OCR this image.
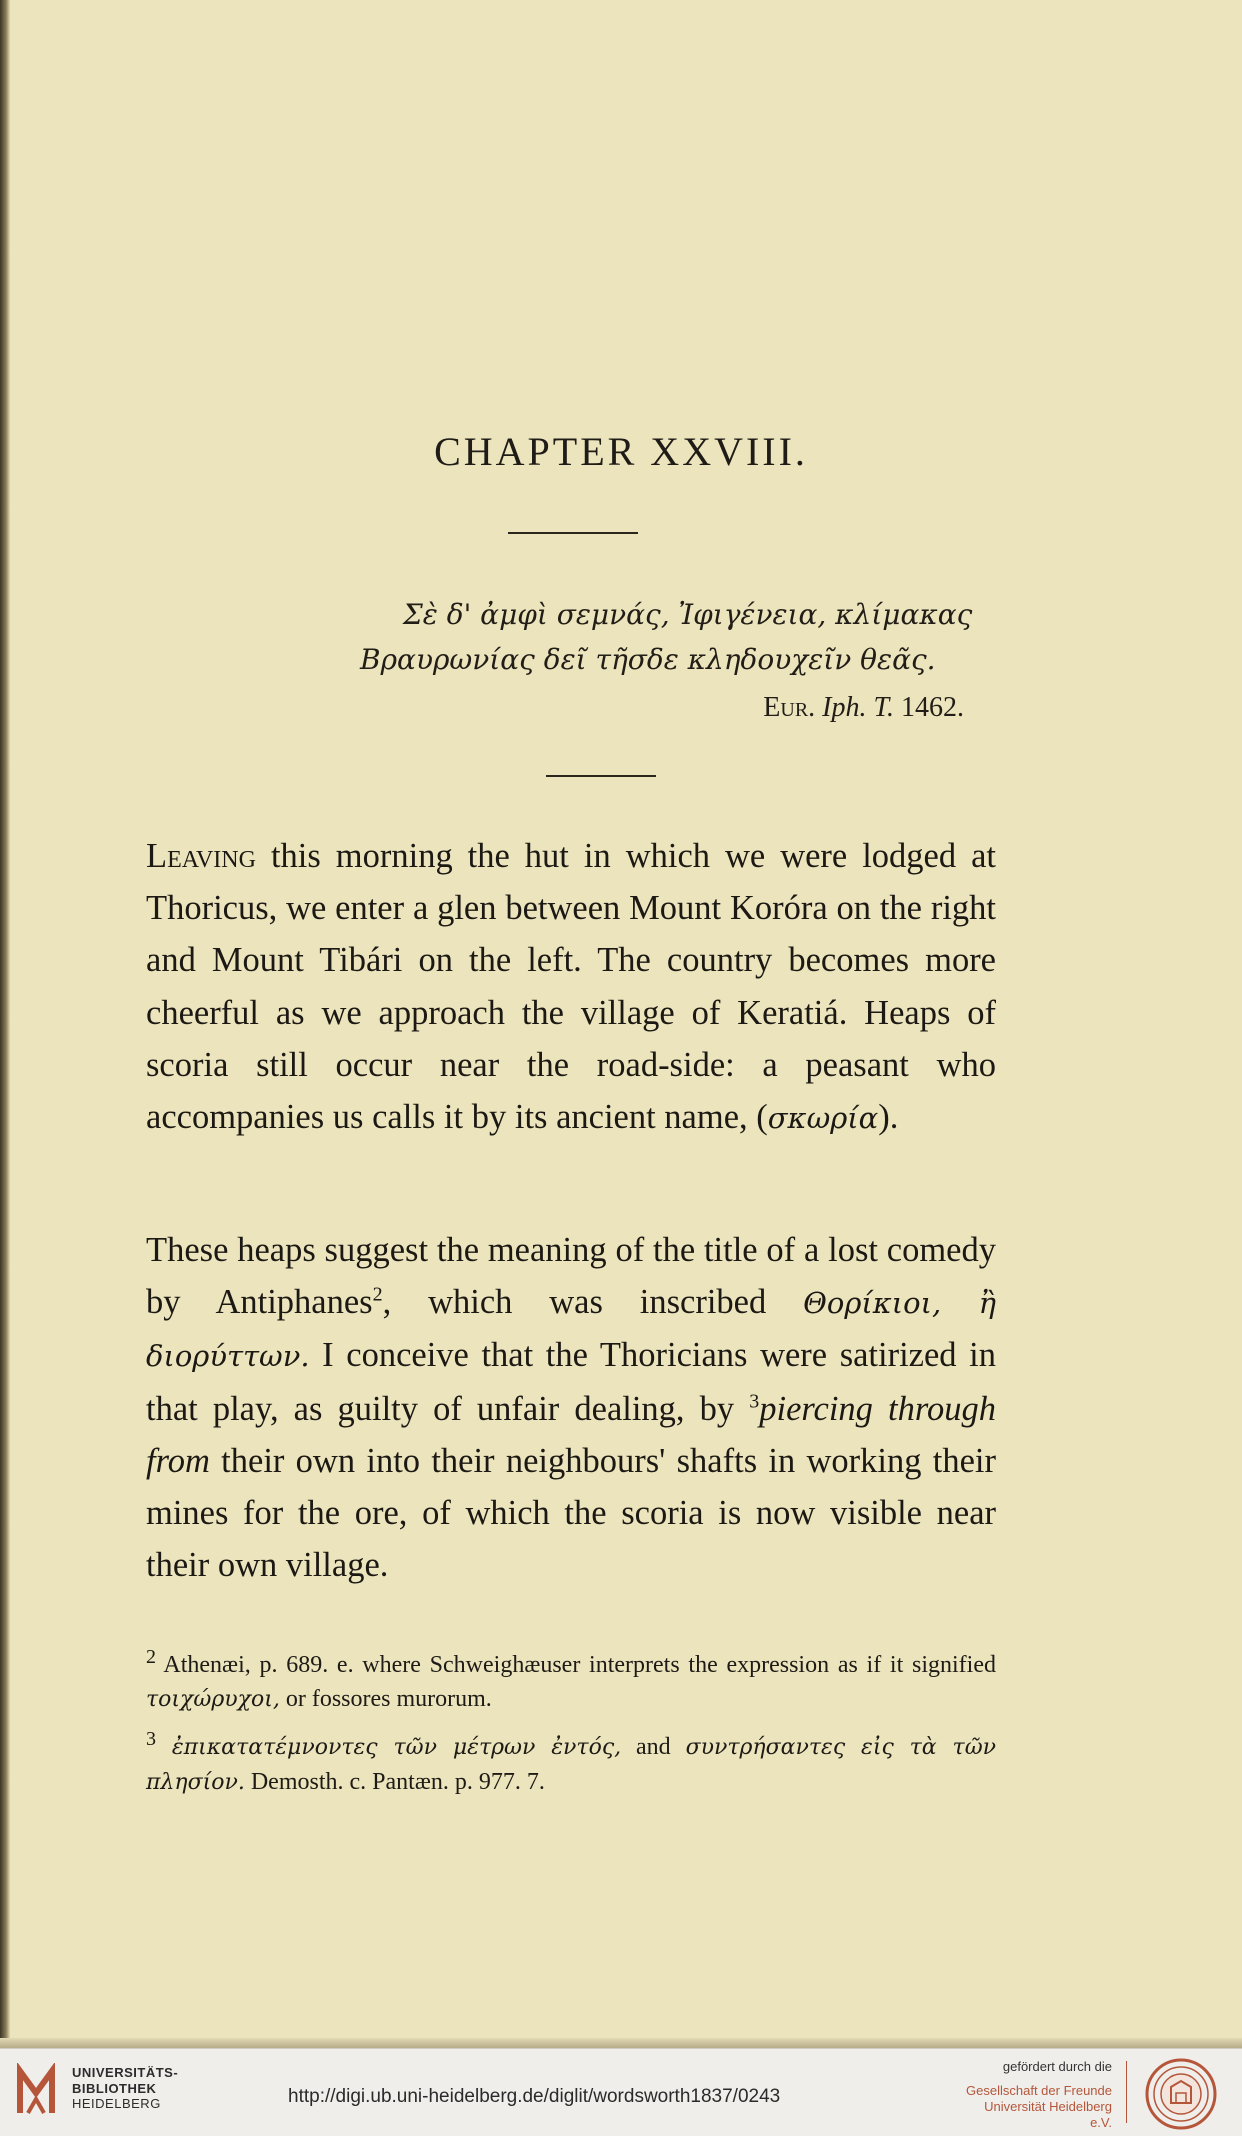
CHAPTER XXVIII.
Σὲ δ' ἀμφὶ σεμνάς, Ἰφιγένεια, κλίμακας
Βραυρωνίας δεῖ τῆσδε κληδουχεῖν θεᾶς.
Eur. Iph. T. 1462.
Leaving this morning the hut in which we were lodged at Thoricus, we enter a glen between Mount Koróra on the right and Mount Tibári on the left. The country becomes more cheerful as we approach the village of Keratiá. Heaps of scoria still occur near the road-side: a peasant who accompanies us calls it by its ancient name, (σκωρία).
These heaps suggest the meaning of the title of a lost comedy by Antiphanes$^2$, which was inscribed Θορίκιοι, ἢ διορύττων. I conceive that the Thoricians were satirized in that play, as guilty of unfair dealing, by $^3$piercing through from their own into their neighbours' shafts in working their mines for the ore, of which the scoria is now visible near their own village.
$^2$ Athenæi, p. 689. e. where Schweighæuser interprets the expression as if it signified τοιχώρυχοι, or fossores murorum.
$^3$ ἐπικατατέμνοντες τῶν μέτρων ἐντός, and συντρήσαντες εἰς τὰ τῶν πλησίον. Demosth. c. Pantæn. p. 977. 7.
UNIVERSITÄTS-
BIBLIOTHEK
HEIDELBERG	http://digi.ub.uni-heidelberg.de/diglit/wordsworth1837/0243
gefördert durch die
Gesellschaft der Freunde
Universität Heidelberg e.V.
